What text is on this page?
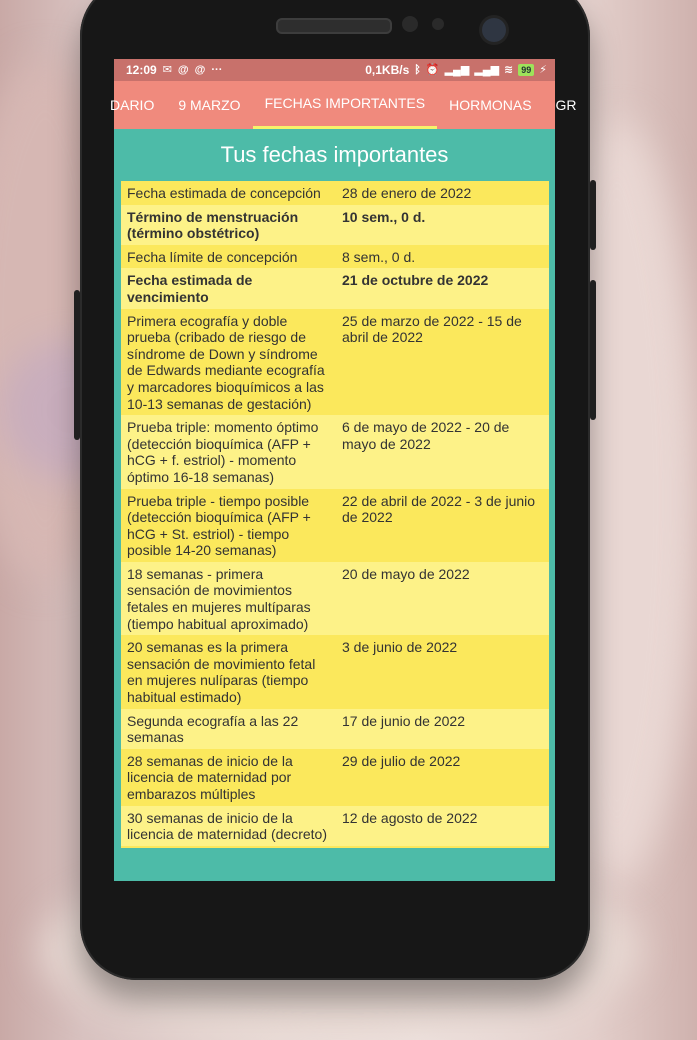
12:09 ✉ @ @ ···	0,1KB/s ᛒ ⏰ ▂▄▆ ▂▄▆ ≋ 99 ⚡
DARIO	9 MARZO	FECHAS IMPORTANTES	HORMONAS	GR
Tus fechas importantes
Fecha estimada de concepción	28 de enero de 2022
Término de menstruación (término obstétrico)	10 sem., 0 d.
Fecha límite de concepción	8 sem., 0 d.
Fecha estimada de vencimiento	21 de octubre de 2022
Primera ecografía y doble prueba (cribado de riesgo de síndrome de Down y síndrome de Edwards mediante ecografía y marcadores bioquímicos a las 10-13 semanas de gestación)	25 de marzo de 2022 - 15 de abril de 2022
Prueba triple: momento óptimo (detección bioquímica (AFP + hCG + f. estriol) - momento óptimo 16-18 semanas)	6 de mayo de 2022 - 20 de mayo de 2022
Prueba triple - tiempo posible (detección bioquímica (AFP + hCG + St. estriol) - tiempo posible 14-20 semanas)	22 de abril de 2022 - 3 de junio de 2022
18 semanas - primera sensación de movimientos fetales en mujeres multíparas (tiempo habitual aproximado)	20 de mayo de 2022
20 semanas es la primera sensación de movimiento fetal en mujeres nulíparas (tiempo habitual estimado)	3 de junio de 2022
Segunda ecografía a las 22 semanas	17 de junio de 2022
28 semanas de inicio de la licencia de maternidad por embarazos múltiples	29 de julio de 2022
30 semanas de inicio de la licencia de maternidad (decreto)	12 de agosto de 2022
